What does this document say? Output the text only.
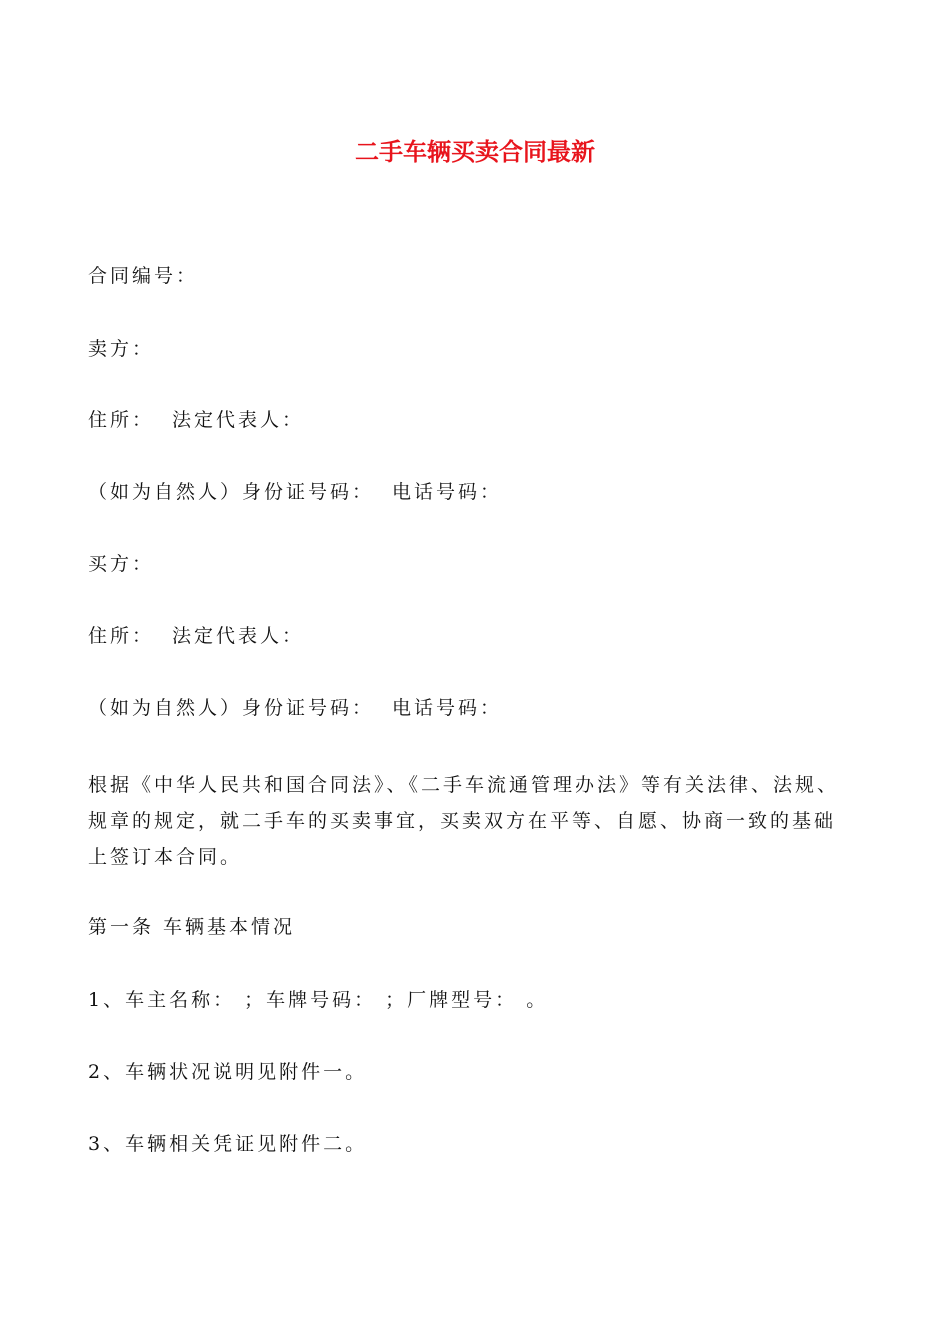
二手车辆买卖合同最新

合同编号：

卖方：

住所： 法定代表人：

（如为自然人）身份证号码： 电话号码：

买方：

住所： 法定代表人：

（如为自然人）身份证号码： 电话号码：

根据《中华人民共和国合同法》、《二手车流通管理办法》等有关法律、法规、
规章的规定，就二手车的买卖事宜，买卖双方在平等、自愿、协商一致的基础
上签订本合同。

第一条 车辆基本情况

1、车主名称： ；车牌号码： ；厂牌型号： 。

2、车辆状况说明见附件一。

3、车辆相关凭证见附件二。
